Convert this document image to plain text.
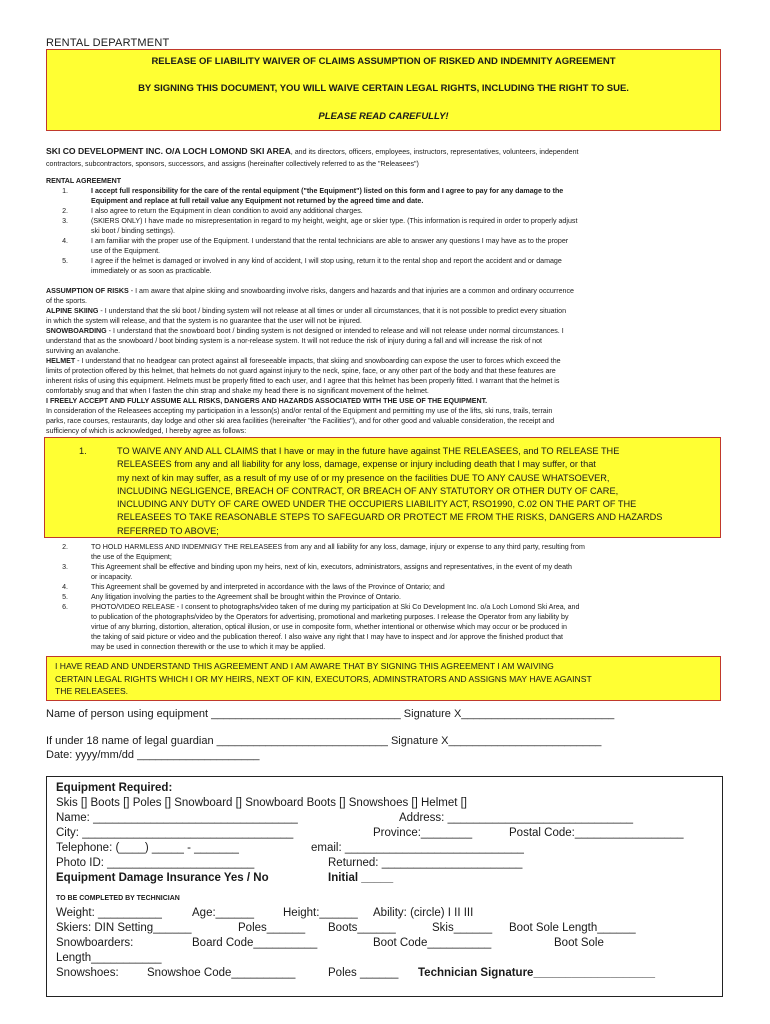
RENTAL DEPARTMENT
RELEASE OF LIABILITY WAIVER OF CLAIMS ASSUMPTION OF RISKED AND INDEMNITY AGREEMENT
BY SIGNING THIS DOCUMENT, YOU WILL WAIVE CERTAIN LEGAL RIGHTS, INCLUDING THE RIGHT TO SUE.
PLEASE READ CAREFULLY!
SKI CO DEVELOPMENT INC. O/A LOCH LOMOND SKI AREA, and its directors, officers, employees, instructors, representatives, volunteers, independent
contractors, subcontractors, sponsors, successors, and assigns (hereinafter collectively referred to as the "Releasees")
RENTAL AGREEMENT
1.	I accept full responsibility for the care of the rental equipment ("the Equipment") listed on this form and I agree to pay for any damage to the
Equipment and replace at full retail value any Equipment not returned by the agreed time and date.
2.	I also agree to return the Equipment in clean condition to avoid any additional charges.
3.	(SKIERS ONLY) I have made no misrepresentation in regard to my height, weight, age or skier type. (This information is required in order to properly adjust
ski boot / binding settings).
4.	I am familiar with the proper use of the Equipment. I understand that the rental technicians are able to answer any questions I may have as to the proper
use of the Equipment.
5.	I agree if the helmet is damaged or involved in any kind of accident, I will stop using, return it to the rental shop and report the accident and or damage
immediately or as soon as practicable.
ASSUMPTION OF RISKS - I am aware that alpine skiing and snowboarding involve risks, dangers and hazards and that injuries are a common and ordinary occurrence
of the sports.
ALPINE SKIING - I understand that the ski boot / binding system will not release at all times or under all circumstances, that it is not possible to predict every situation
in which the system will release, and that the system is no guarantee that the user will not be injured.
SNOWBOARDING - I understand that the snowboard boot / binding system is not designed or intended to release and will not release under normal circumstances. I
understand that as the snowboard / boot binding system is a nor-release system. It will not reduce the risk of injury during a fall and will increase the risk of not
surviving an avalanche.
HELMET - I understand that no headgear can protect against all foreseeable impacts, that skiing and snowboarding can expose the user to forces which exceed the
limits of protection offered by this helmet, that helmets do not guard against injury to the neck, spine, face, or any other part of the body and that these features are
inherent risks of using this equipment. Helmets must be properly fitted to each user, and I agree that this helmet has been properly fitted. I warrant that the helmet is
comfortably snug and that when I fasten the chin strap and shake my head there is no significant movement of the helmet.
I FREELY ACCEPT AND FULLY ASSUME ALL RISKS, DANGERS AND HAZARDS ASSOCIATED WITH THE USE OF THE EQUIPMENT.
In consideration of the Releasees accepting my participation in a lesson(s) and/or rental of the Equipment and permitting my use of the lifts, ski runs, trails, terrain
parks, race courses, restaurants, day lodge and other ski area facilities (hereinafter "the Facilities"), and for other good and valuable consideration, the receipt and
sufficiency of which is acknowledged, I hereby agree as follows:
1.	TO WAIVE ANY AND ALL CLAIMS that I have or may in the future have against THE RELEASEES, and TO RELEASE THE
RELEASEES from any and all liability for any loss, damage, expense or injury including death that I may suffer, or that
my next of kin may suffer, as a result of my use of or my presence on the facilities DUE TO ANY CAUSE WHATSOEVER,
INCLUDING NEGLIGENCE, BREACH OF CONTRACT, OR BREACH OF ANY STATUTORY OR OTHER DUTY OF CARE,
INCLUDING ANY DUTY OF CARE OWED UNDER THE OCCUPIERS LIABILITY ACT, RSO1990, C.02 ON THE PART OF THE
RELEASEES TO TAKE REASONABLE STEPS TO SAFEGUARD OR PROTECT ME FROM THE RISKS, DANGERS AND HAZARDS
REFERRED TO ABOVE;
2.	TO HOLD HARMLESS AND INDEMNIGY THE RELEASEES from any and all liability for any loss, damage, injury or expense to any third party, resulting from
the use of the Equipment;
3.	This Agreement shall be effective and binding upon my heirs, next of kin, executors, administrators, assigns and representatives, in the event of my death
or incapacity.
4.	This Agreement shall be governed by and interpreted in accordance with the laws of the Province of Ontario; and
5.	Any litigation involving the parties to the Agreement shall be brought within the Province of Ontario.
6.	PHOTO/VIDEO RELEASE - I consent to photographs/video taken of me during my participation at Ski Co Development Inc. o/a Loch Lomond Ski Area, and
to publication of the photographs/video by the Operators for advertising, promotional and marketing purposes. I release the Operator from any liability by
virtue of any blurring, distortion, alteration, optical illusion, or use in composite form, whether intentional or otherwise which may occur or be produced in
the taking of said picture or video and the publication thereof. I also waive any right that I may have to inspect and /or approve the finished product that
may be used in connection therewith or the use to which it may be applied.
I HAVE READ AND UNDERSTAND THIS AGREEMENT AND I AM AWARE THAT BY SIGNING THIS AGREEMENT I AM WAIVING
CERTAIN LEGAL RIGHTS WHICH I OR MY HEIRS, NEXT OF KIN, EXECUTORS, ADMINSTRATORS AND ASSIGNS MAY HAVE AGAINST
THE RELEASEES.
Name of person using equipment _______________________________ Signature X_________________________
If under 18 name of legal guardian ____________________________ Signature X_________________________
Date: yyyy/mm/dd ____________________
Equipment Required:
Skis [] Boots [] Poles [] Snowboard [] Snowboard Boots [] Snowshoes [] Helmet []
Name: ________________________________	Address: _____________________________
City: _________________________________	Province:________	Postal Code:_________________
Telephone: (____) _____ - _______	email: ____________________________
Photo ID: _______________________	Returned: ______________________
Equipment Damage Insurance Yes / No	Initial _____
TO BE COMPLETED BY TECHNICIAN
Weight: __________	Age:______	Height:______ Ability: (circle) I II III
Skiers: DIN Setting______	Poles______ Boots______	Skis______ Boot Sole Length______
Snowboarders:	Board Code__________	Boot Code__________	Boot Sole
Length___________
Snowshoes: Snowshoe Code__________	Poles ______ Technician Signature___________________
